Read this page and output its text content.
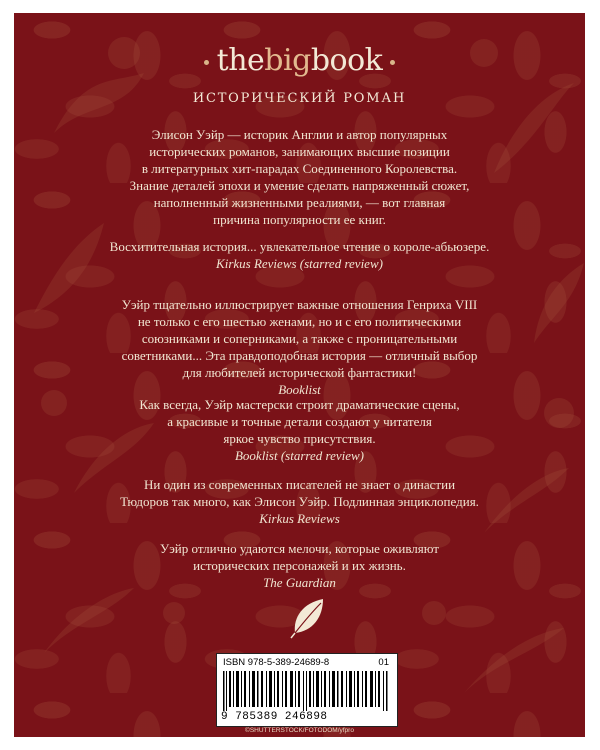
thebigbook
ИСТОРИЧЕСКИЙ РОМАН
Элисон Уэйр — историк Англии и автор популярных
исторических романов, занимающих высшие позиции
в литературных хит-парадах Соединенного Королевства.
Знание деталей эпохи и умение сделать напряженный сюжет,
наполненный жизненными реалиями, — вот главная
причина популярности ее книг.
Восхитительная история... увлекательное чтение о короле-абьюзере.
Kirkus Reviews (starred review)
Уэйр тщательно иллюстрирует важные отношения Генриха VIII
не только с его шестью женами, но и с его политическими
союзниками и соперниками, а также с проницательными
советниками... Эта правдоподобная история — отличный выбор
для любителей исторической фантастики!
Booklist
Как всегда, Уэйр мастерски строит драматические сцены,
а красивые и точные детали создают у читателя
яркое чувство присутствия.
Booklist (starred review)
Ни один из современных писателей не знает о династии
Тюдоров так много, как Элисон Уэйр. Подлинная энциклопедия.
Kirkus Reviews
Уэйр отлично удаются мелочи, которые оживляют
исторических персонажей и их жизнь.
The Guardian
ISBN 978-5-389-24689-8	01
9 785389 246898
©SHUTTERSTOCK/FOTODOM/yfpro
